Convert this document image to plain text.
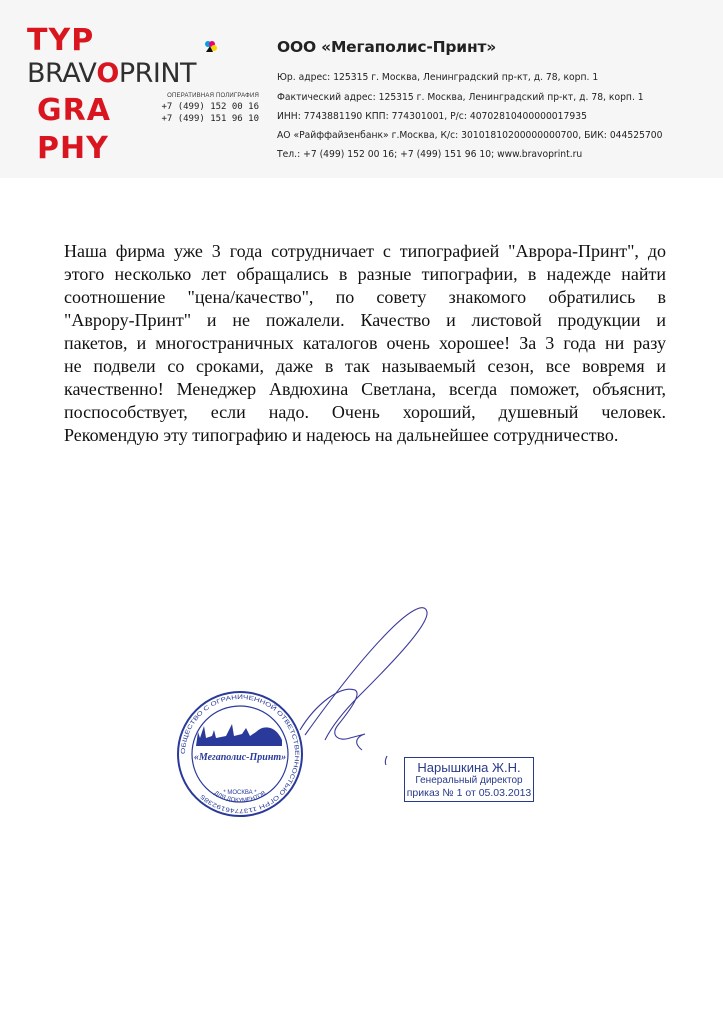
TYP
BRAVOPRINT
GRA
PHY
ОПЕРАТИВНАЯ ПОЛИГРАФИЯ
+7 (499) 152 00 16
+7 (499) 151 96 10
ООО «Мегаполис-Принт»
Юр. адрес: 125315 г. Москва, Ленинградский пр-кт, д. 78, корп. 1
Фактический адрес: 125315 г. Москва, Ленинградский пр-кт, д. 78, корп. 1
ИНН: 7743881190 КПП: 774301001, Р/с: 40702810400000017935
АО «Райффайзенбанк» г.Москва, К/с: 30101810200000000700, БИК: 044525700
Тел.: +7 (499) 152 00 16; +7 (499) 151 96 10; www.bravoprint.ru

Наша фирма уже 3 года сотрудничает с типографией "Аврора-Принт", до

этого несколько лет обращались в разные типографии, в надежде найти

соотношение "цена/качество", по совету знакомого обратились в

"Аврору-Принт" и не пожалели. Качество и листовой продукции и

пакетов, и многостраничных каталогов очень хорошее! За 3 года ни разу

не подвели со сроками, даже в так называемый сезон, все вовремя и

качественно! Менеджер Авдюхина Светлана, всегда поможет, объяснит,

поспособствует, если надо. Очень хороший, душевный человек.

Рекомендую эту типографию и надеюсь на дальнейшее сотрудничество.

ОБЩЕСТВО С ОГРАНИЧЕННОЙ ОТВЕТСТВЕННОСТЬЮ ОГРН 1137746192385
«Мегаполис-Принт»
ДЛЯ ДОКУМЕНТОВ
* МОСКВА *
Нарышкина Ж.Н.
Генеральный директор
приказ № 1 от 05.03.2013
